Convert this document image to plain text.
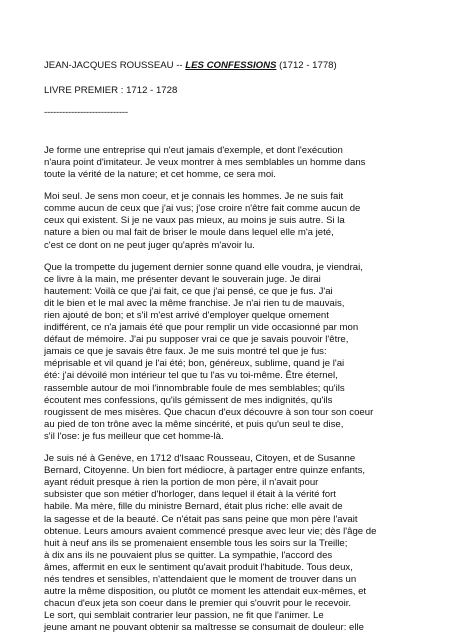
JEAN-JACQUES ROUSSEAU -- LES CONFESSIONS (1712 - 1778)

LIVRE PREMIER : 1712 - 1728

----------------------------

Je forme une entreprise qui n'eut jamais d'exemple, et dont l'exécution
n'aura point d'imitateur. Je veux montrer à mes semblables un homme dans
toute la vérité de la nature; et cet homme, ce sera moi.

Moi seul. Je sens mon coeur, et je connais les hommes. Je ne suis fait
comme aucun de ceux que j'ai vus; j'ose croire n'être fait comme aucun de
ceux qui existent. Si je ne vaux pas mieux, au moins je suis autre. Si la
nature a bien ou mal fait de briser le moule dans lequel elle m'a jeté,
c'est ce dont on ne peut juger qu'après m'avoir lu.

Que la trompette du jugement dernier sonne quand elle voudra, je viendrai,
ce livre à la main, me présenter devant le souverain juge. Je dirai
hautement: Voilà ce que j'ai fait, ce que j'ai pensé, ce que je fus. J'ai
dit le bien et le mal avec la même franchise. Je n'ai rien tu de mauvais,
rien ajouté de bon; et s'il m'est arrivé d'employer quelque ornement
indifférent, ce n'a jamais été que pour remplir un vide occasionné par mon
défaut de mémoire. J'ai pu supposer vrai ce que je savais pouvoir l'être,
jamais ce que je savais être faux. Je me suis montré tel que je fus:
méprisable et vil quand je l'ai été; bon, généreux, sublime, quand je l'ai
été: j'ai dévoilé mon intérieur tel que tu l'as vu toi-même. Être éternel,
rassemble autour de moi l'innombrable foule de mes semblables; qu'ils
écoutent mes confessions, qu'ils gémissent de mes indignités, qu'ils
rougissent de mes misères. Que chacun d'eux découvre à son tour son coeur
au pied de ton trône avec la même sincérité, et puis qu'un seul te dise,
s'il l'ose: je fus meilleur que cet homme-là.

Je suis né à Genève, en 1712 d'Isaac Rousseau, Citoyen, et de Susanne
Bernard, Citoyenne. Un bien fort médiocre, à partager entre quinze enfants,
ayant réduit presque à rien la portion de mon père, il n'avait pour
subsister que son métier d'horloger, dans lequel il était à la vérité fort
habile. Ma mère, fille du ministre Bernard, était plus riche: elle avait de
la sagesse et de la beauté. Ce n'était pas sans peine que mon père l'avait
obtenue. Leurs amours avaient commencé presque avec leur vie; dès l'âge de
huit à neuf ans ils se promenaient ensemble tous les soirs sur la Treille;
à dix ans ils ne pouvaient plus se quitter. La sympathie, l'accord des
âmes, affermit en eux le sentiment qu'avait produit l'habitude. Tous deux,
nés tendres et sensibles, n'attendaient que le moment de trouver dans un
autre la même disposition, ou plutôt ce moment les attendait eux-mêmes, et
chacun d'eux jeta son coeur dans le premier qui s'ouvrit pour le recevoir.
Le sort, qui semblait contrarier leur passion, ne fit que l'animer. Le
jeune amant ne pouvant obtenir sa maîtresse se consumait de douleur: elle
